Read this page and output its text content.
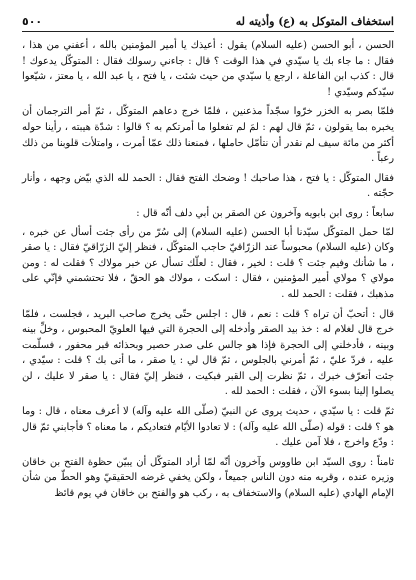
استخفاف المتوكل به (ع) وأذيته له
٥٠٠

الحسن ، أبو الحسن (عليه السلام) يقول : أعيذك يا أمير المؤمنين بالله ، أعفني من هذا ، فقال : ما جاء بك يا سيّدي في هذا الوقت ؟ قال : جاءني رسولك فقال : المتوكّل يدعوك ! قال : كذب ابن الفاعلة ، ارجع يا سيّدي من حيث شئت ، يا فتح ، يا عبد الله ، يا معتز ، شيّعوا سيّدكم وسيّدي !

فلمّا بصر به الخزر خرّوا سجّداً مذعنين ، فلمّا خرج دعاهم المتوكّل ، ثمّ أمر الترجمان أن يخبره بما يقولون ، ثمّ قال لهم : لمَ لم تفعلوا ما أمرتكم به ؟ قالوا : شدّة هيبته ، رأينا حوله أكثر من مائة سيف لم نقدر أن نتأمّل حاملها ، فمنعنا ذلك عمّا أمرت ، وامتلأت قلوبنا من ذلك رعباً .

فقال المتوكّل : يا فتح ، هذا صاحبك ! وضحك الفتح فقال : الحمد لله الذي بيّض وجهه ، وأنار حجّته .

سابعاً : روى ابن بابويه وآخرون عن الصقر بن أبي دلف أنّه قال :

لمّا حمل المتوكّل سيّدنا أبا الحسن (عليه السلام) إلى سُرّ من رأى جئت أسأل عن خبره ، وكان (عليه السلام) محبوساً عند الزرّاقيّ حاجب المتوكّل ، فنظر إليّ الزرّاقيّ فقال : يا صقر ، ما شأنك وفيم جئت ؟ قلت : لخير ، فقال : لعلّك تسأل عن خبر مولاك ؟ فقلت له : ومن مولاي ؟ مولاي أمير المؤمنين ، فقال : اسكت ، مولاك هو الحقّ ، فلا تحتشمني فإنّي على مذهبك ، فقلت : الحمد لله .

قال : أتحبّ أن تراه ؟ قلت : نعم ، قال : اجلس حتّى يخرج صاحب البريد ، فجلست ، فلمّا خرج قال لغلام له : خذ بيد الصقر وأدخله إلى الحجرة التي فيها العلويّ المحبوس ، وخلِّ بينه وبينه ، فأدخلني إلى الحجرة فإذا هو جالس على صدر حصير وبحذائه قبر محفور ، فسلّمت عليه ، فردّ عليّ ، ثمّ أمرني بالجلوس ، ثمّ قال لي : يا صقر ، ما أتى بك ؟ قلت : سيّدي ، جئت أتعرّف خبرك ، ثمّ نظرت إلى القبر فبكيت ، فنظر إليّ فقال : يا صقر لا عليك ، لن يصلوا إلينا بسوء الآن ، فقلت : الحمد لله .

ثمّ قلت : يا سيّدي ، حديث يروى عن النبيّ (صلّى الله عليه وآله) لا أعرف معناه ، قال : وما هو ؟ قلت : قوله (صلّى الله عليه وآله) : لا تعادوا الأيّام فتعاديكم ، ما معناه ؟ فأجابني ثمّ قال : ودّع واخرج ، فلا آمن عليك .

ثامناً : روى السيّد ابن طاووس وآخرون أنّه لمّا أراد المتوكّل أن يبيّن حظوة الفتح بن خاقان وزيره عنده ، وقربه منه دون الناس جميعاً ، ولكن يخفي غرضه الحقيقيّ وهو الحطّ من شأن الإمام الهادي (عليه السلام) والاستخفاف به ، ركب هو والفتح بن خاقان في يوم قائظ
